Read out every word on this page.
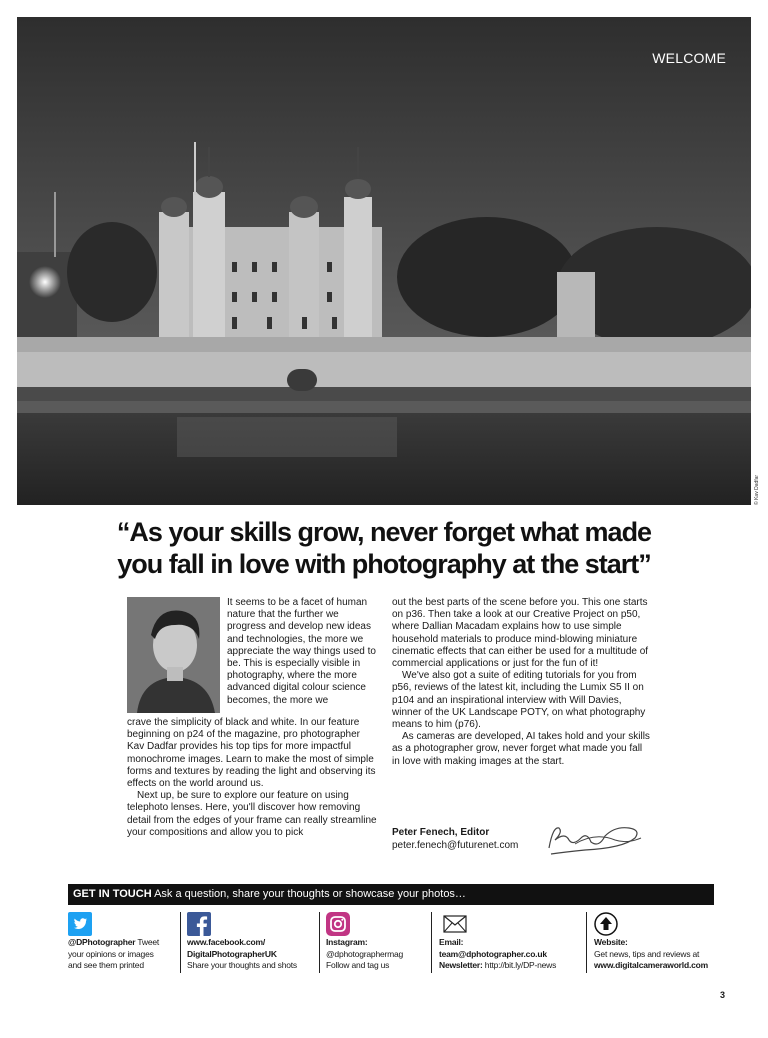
WELCOME
© Kav Dadfar
“As your skills grow, never forget what made
you fall in love with photography at the start”

It seems to be a facet of human nature that the further we progress and develop new ideas and technologies, the more we appreciate the way things used to be. This is especially visible in photography, where the more advanced digital colour science becomes, the more we

crave the simplicity of black and white. In our feature beginning on p24 of the magazine, pro photographer Kav Dadfar provides his top tips for more impactful monochrome images. Learn to make the most of simple forms and textures by reading the light and observing its effects on the world around us.

Next up, be sure to explore our feature on using telephoto lenses. Here, you'll discover how removing detail from the edges of your frame can really streamline your compositions and allow you to pick

out the best parts of the scene before you. This one starts on p36. Then take a look at our Creative Project on p50, where Dallian Macadam explains how to use simple household materials to produce mind-blowing miniature cinematic effects that can either be used for a multitude of commercial applications or just for the fun of it!

We've also got a suite of editing tutorials for you from p56, reviews of the latest kit, including the Lumix S5 II on p104 and an inspirational interview with Will Davies, winner of the UK Landscape POTY, on what photography means to him (p76).

As cameras are developed, AI takes hold and your skills as a photographer grow, never forget what made you fall in love with making images at the start.

Peter Fenech, Editor
peter.fenech@futurenet.com
GET IN TOUCH Ask a question, share your thoughts or showcase your photos…
@DPhotographer Tweet
your opinions or images
and see them printed
www.facebook.com/
DigitalPhotographerUK
Share your thoughts and shots
Instagram:
@dphotographermag
Follow and tag us
Email:
team@dphotographer.co.uk
Newsletter: http://bit.ly/DP-news
Website:
Get news, tips and reviews at
www.digitalcameraworld.com
3
